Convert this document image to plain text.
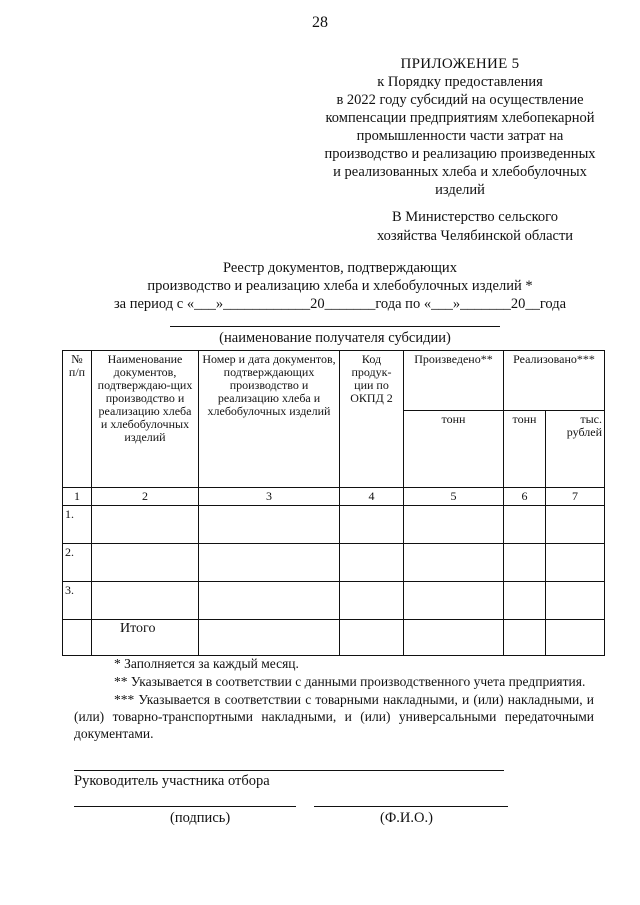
28
ПРИЛОЖЕНИЕ 5
к Порядку предоставления
в 2022 году субсидий на осуществление
компенсации предприятиям хлебопекарной
промышленности части затрат на
производство и реализацию произведенных
и реализованных хлеба и хлебобулочных
изделий
В Министерство сельского
хозяйства Челябинской области
Реестр документов, подтверждающих
производство и реализацию хлеба и хлебобулочных изделий *
за период с «___»____________20_______года по «___»_______20__года
(наименование получателя субсидии)
№ п/п	Наименование документов, подтверждаю-щих производство и реализацию хлеба и хлебобулочных изделий	Номер и дата документов, подтверждающих производство и реализацию хлеба и хлебобулочных изделий	Код продук-ции по ОКПД 2	Произведено**	Реализовано***	
				тонн	тонн	тыс. рублей
1	2	3	4	5	6	7
1.						
2.						
3.						
	Итого					

* Заполняется за каждый месяц.

** Указывается в соответствии с данными производственного учета предприятия.

*** Указывается в соответствии с товарными накладными, и (или) накладными, и (или) товарно-транспортными накладными, и (или) универсальными передаточными документами.

Руководитель участника отбора
(подпись)	(Ф.И.О.)
